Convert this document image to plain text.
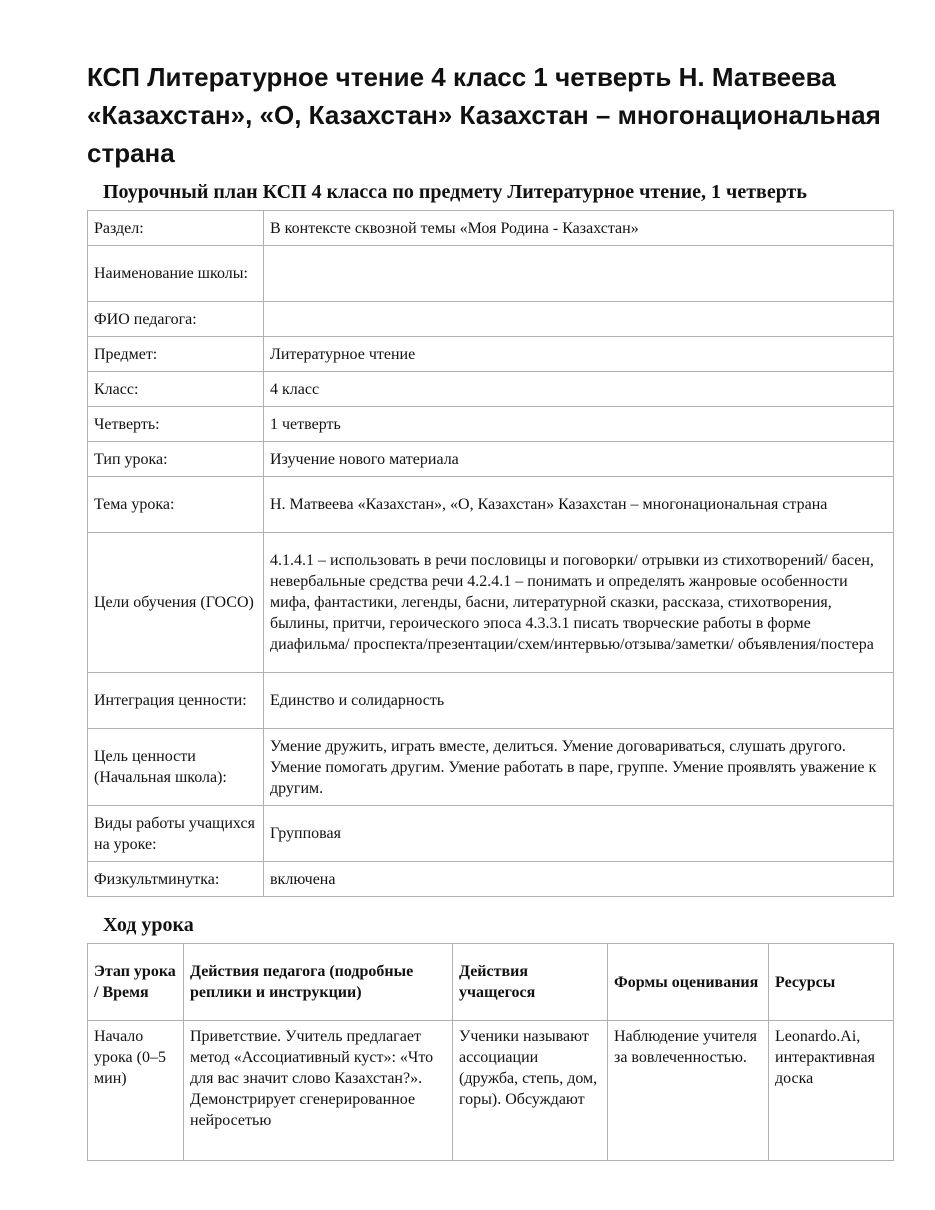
КСП Литературное чтение 4 класс 1 четверть Н. Матвеева «Казахстан», «О, Казахстан» Казахстан – многонациональная страна
Поурочный план КСП 4 класса по предмету Литературное чтение, 1 четверть
Раздел:	В контексте сквозной темы «Моя Родина - Казахстан»
Наименование школы:	
ФИО педагога:	
Предмет:	Литературное чтение
Класс:	4 класс
Четверть:	1 четверть
Тип урока:	Изучение нового материала
Тема урока:	Н. Матвеева «Казахстан», «О, Казахстан» Казахстан – многонациональная страна
Цели обучения (ГОСО)	4.1.4.1 – использовать в речи пословицы и поговорки/ отрывки из стихотворений/ басен, невербальные средства речи 4.2.4.1 – понимать и определять жанровые особенности мифа, фантастики, легенды, басни, литературной сказки, рассказа, стихотворения, былины, притчи, героического эпоса 4.3.3.1 писать творческие работы в форме диафильма/ проспекта/презентации/схем/интервью/отзыва/заметки/ объявления/постера
Интеграция ценности:	Единство и солидарность
Цель ценности (Начальная школа):	Умение дружить, играть вместе, делиться. Умение договариваться, слушать другого. Умение помогать другим. Умение работать в паре, группе. Умение проявлять уважение к другим.
Виды работы учащихся на уроке:	Групповая
Физкультминутка:	включена
Ход урока
Этап урока / Время	Действия педагога (подробные реплики и инструкции)	Действия учащегося	Формы оценивания	Ресурсы
Начало урока (0–5 мин)	Приветствие. Учитель предлагает метод «Ассоциативный куст»: «Что для вас значит слово Казахстан?». Демонстрирует сгенерированное нейросетью	Ученики называют ассоциации (дружба, степь, дом, горы). Обсуждают	Наблюдение учителя за вовлеченностью.	Leonardo.Ai, интерактивная доска
